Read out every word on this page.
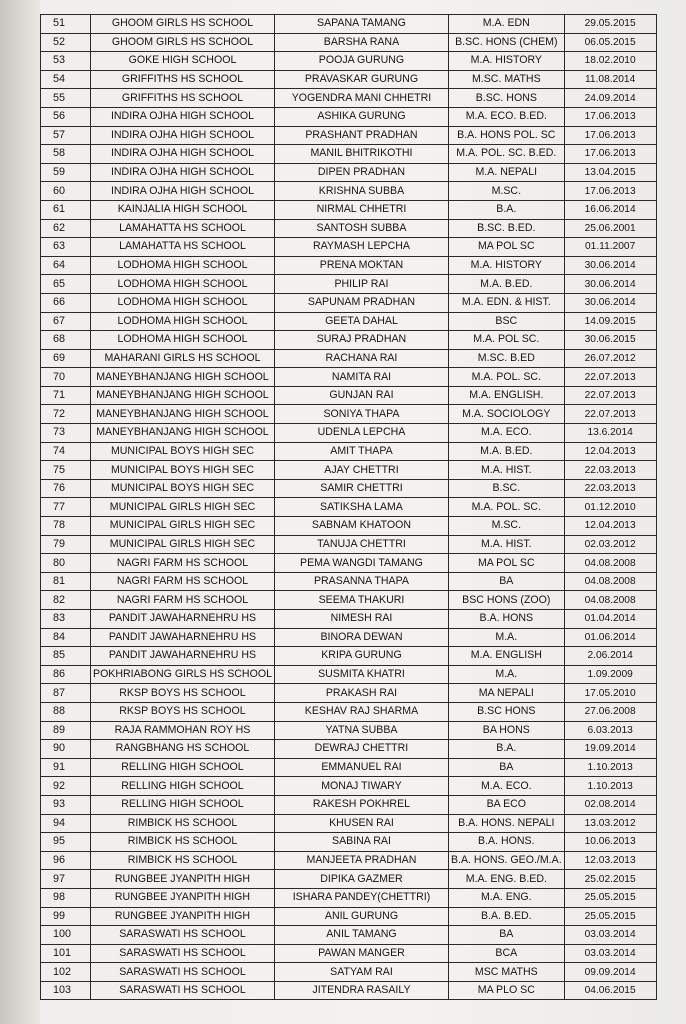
51	GHOOM GIRLS HS SCHOOL	SAPANA TAMANG	M.A. EDN	29.05.2015
52	GHOOM GIRLS HS SCHOOL	BARSHA RANA	B.SC. HONS (CHEM)	06.05.2015
53	GOKE HIGH SCHOOL	POOJA GURUNG	M.A. HISTORY	18.02.2010
54	GRIFFITHS HS SCHOOL	PRAVASKAR GURUNG	M.SC. MATHS	11.08.2014
55	GRIFFITHS HS SCHOOL	YOGENDRA MANI CHHETRI	B.SC. HONS	24.09.2014
56	INDIRA OJHA HIGH SCHOOL	ASHIKA GURUNG	M.A. ECO. B.ED.	17.06.2013
57	INDIRA OJHA HIGH SCHOOL	PRASHANT PRADHAN	B.A. HONS POL. SC	17.06.2013
58	INDIRA OJHA HIGH SCHOOL	MANIL BHITRIKOTHI	M.A. POL. SC. B.ED.	17.06.2013
59	INDIRA OJHA HIGH SCHOOL	DIPEN PRADHAN	M.A. NEPALI	13.04.2015
60	INDIRA OJHA HIGH SCHOOL	KRISHNA SUBBA	M.SC.	17.06.2013
61	KAINJALIA HIGH SCHOOL	NIRMAL CHHETRI	B.A.	16.06.2014
62	LAMAHATTA HS SCHOOL	SANTOSH SUBBA	B.SC. B.ED.	25.06.2001
63	LAMAHATTA HS SCHOOL	RAYMASH LEPCHA	MA POL SC	01.11.2007
64	LODHOMA HIGH SCHOOL	PRENA MOKTAN	M.A. HISTORY	30.06.2014
65	LODHOMA HIGH SCHOOL	PHILIP RAI	M.A. B.ED.	30.06.2014
66	LODHOMA HIGH SCHOOL	SAPUNAM PRADHAN	M.A. EDN. & HIST.	30.06.2014
67	LODHOMA HIGH SCHOOL	GEETA DAHAL	BSC	14.09.2015
68	LODHOMA HIGH SCHOOL	SURAJ PRADHAN	M.A. POL SC.	30.06.2015
69	MAHARANI GIRLS HS SCHOOL	RACHANA RAI	M.SC. B.ED	26.07.2012
70	MANEYBHANJANG HIGH SCHOOL	NAMITA RAI	M.A. POL. SC.	22.07.2013
71	MANEYBHANJANG HIGH SCHOOL	GUNJAN RAI	M.A. ENGLISH.	22.07.2013
72	MANEYBHANJANG HIGH SCHOOL	SONIYA THAPA	M.A. SOCIOLOGY	22.07.2013
73	MANEYBHANJANG HIGH SCHOOL	UDENLA LEPCHA	M.A. ECO.	13.6.2014
74	MUNICIPAL BOYS HIGH SEC	AMIT THAPA	M.A. B.ED.	12.04.2013
75	MUNICIPAL BOYS HIGH SEC	AJAY CHETTRI	M.A. HIST.	22.03.2013
76	MUNICIPAL BOYS HIGH SEC	SAMIR CHETTRI	B.SC.	22.03.2013
77	MUNICIPAL GIRLS HIGH SEC	SATIKSHA LAMA	M.A. POL. SC.	01.12.2010
78	MUNICIPAL GIRLS HIGH SEC	SABNAM KHATOON	M.SC.	12.04.2013
79	MUNICIPAL GIRLS HIGH SEC	TANUJA CHETTRI	M.A. HIST.	02.03.2012
80	NAGRI FARM HS SCHOOL	PEMA WANGDI TAMANG	MA POL SC	04.08.2008
81	NAGRI FARM HS SCHOOL	PRASANNA THAPA	BA	04.08.2008
82	NAGRI FARM HS SCHOOL	SEEMA THAKURI	BSC HONS (ZOO)	04.08.2008
83	PANDIT JAWAHARNEHRU HS	NIMESH RAI	B.A. HONS	01.04.2014
84	PANDIT JAWAHARNEHRU HS	BINORA DEWAN	M.A.	01.06.2014
85	PANDIT JAWAHARNEHRU HS	KRIPA GURUNG	M.A. ENGLISH	2.06.2014
86	POKHRIABONG GIRLS HS SCHOOL	SUSMITA KHATRI	M.A.	1.09.2009
87	RKSP BOYS HS SCHOOL	PRAKASH RAI	MA NEPALI	17.05.2010
88	RKSP BOYS HS SCHOOL	KESHAV RAJ SHARMA	B.SC HONS	27.06.2008
89	RAJA RAMMOHAN ROY HS	YATNA SUBBA	BA HONS	6.03.2013
90	RANGBHANG HS SCHOOL	DEWRAJ CHETTRI	B.A.	19.09.2014
91	RELLING HIGH SCHOOL	EMMANUEL RAI	BA	1.10.2013
92	RELLING HIGH SCHOOL	MONAJ TIWARY	M.A. ECO.	1.10.2013
93	RELLING HIGH SCHOOL	RAKESH POKHREL	BA ECO	02.08.2014
94	RIMBICK HS SCHOOL	KHUSEN RAI	B.A. HONS. NEPALI	13.03.2012
95	RIMBICK HS SCHOOL	SABINA RAI	B.A. HONS.	10.06.2013
96	RIMBICK HS SCHOOL	MANJEETA PRADHAN	B.A. HONS. GEO./M.A.	12.03.2013
97	RUNGBEE JYANPITH HIGH	DIPIKA GAZMER	M.A. ENG. B.ED.	25.02.2015
98	RUNGBEE JYANPITH HIGH	ISHARA PANDEY(CHETTRI)	M.A. ENG.	25.05.2015
99	RUNGBEE JYANPITH HIGH	ANIL GURUNG	B.A. B.ED.	25.05.2015
100	SARASWATI HS SCHOOL	ANIL TAMANG	BA	03.03.2014
101	SARASWATI HS SCHOOL	PAWAN MANGER	BCA	03.03.2014
102	SARASWATI HS SCHOOL	SATYAM RAI	MSC MATHS	09.09.2014
103	SARASWATI HS SCHOOL	JITENDRA RASAILY	MA PLO SC	04.06.2015
